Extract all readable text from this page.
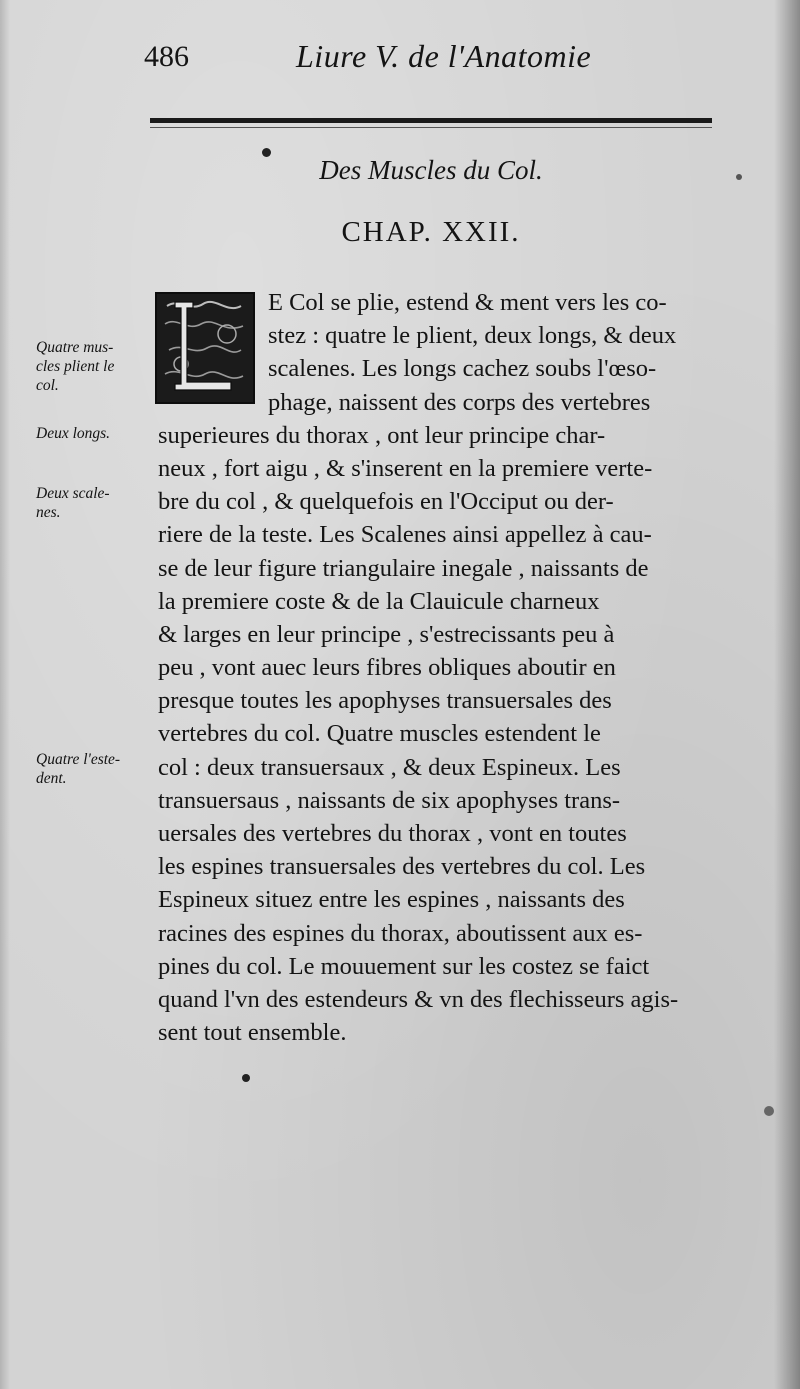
486	Liure V. de l'Anatomie
Des Muscles du Col.
CHAP. XXII.
E Col se plie, estend & ment vers les co-
stez : quatre le plient, deux longs, & deux
scalenes. Les longs cachez soubs l'œso-
phage, naissent des corps des vertebres
superieures du thorax , ont leur principe char-
neux , fort aigu , & s'inserent en la premiere verte-
bre du col , & quelquefois en l'Occiput ou der-
riere de la teste. Les Scalenes ainsi appellez à cau-
se de leur figure triangulaire inegale , naissants de
la premiere coste & de la Clauicule charneux
& larges en leur principe , s'estrecissants peu à
peu , vont auec leurs fibres obliques aboutir en
presque toutes les apophyses transuersales des
vertebres du col. Quatre muscles estendent le
col : deux transuersaux , & deux Espineux. Les
transuersaus , naissants de six apophyses trans-
uersales des vertebres du thorax , vont en toutes
les espines transuersales des vertebres du col. Les
Espineux situez entre les espines , naissants des
racines des espines du thorax, aboutissent aux es-
pines du col. Le mouuement sur les costez se faict
quand l'vn des estendeurs & vn des flechisseurs agis-
sent tout ensemble.
Quatre mus-
cles plient le
col.
Deux longs.
Deux scale-
nes.
Quatre l'este-
dent.
